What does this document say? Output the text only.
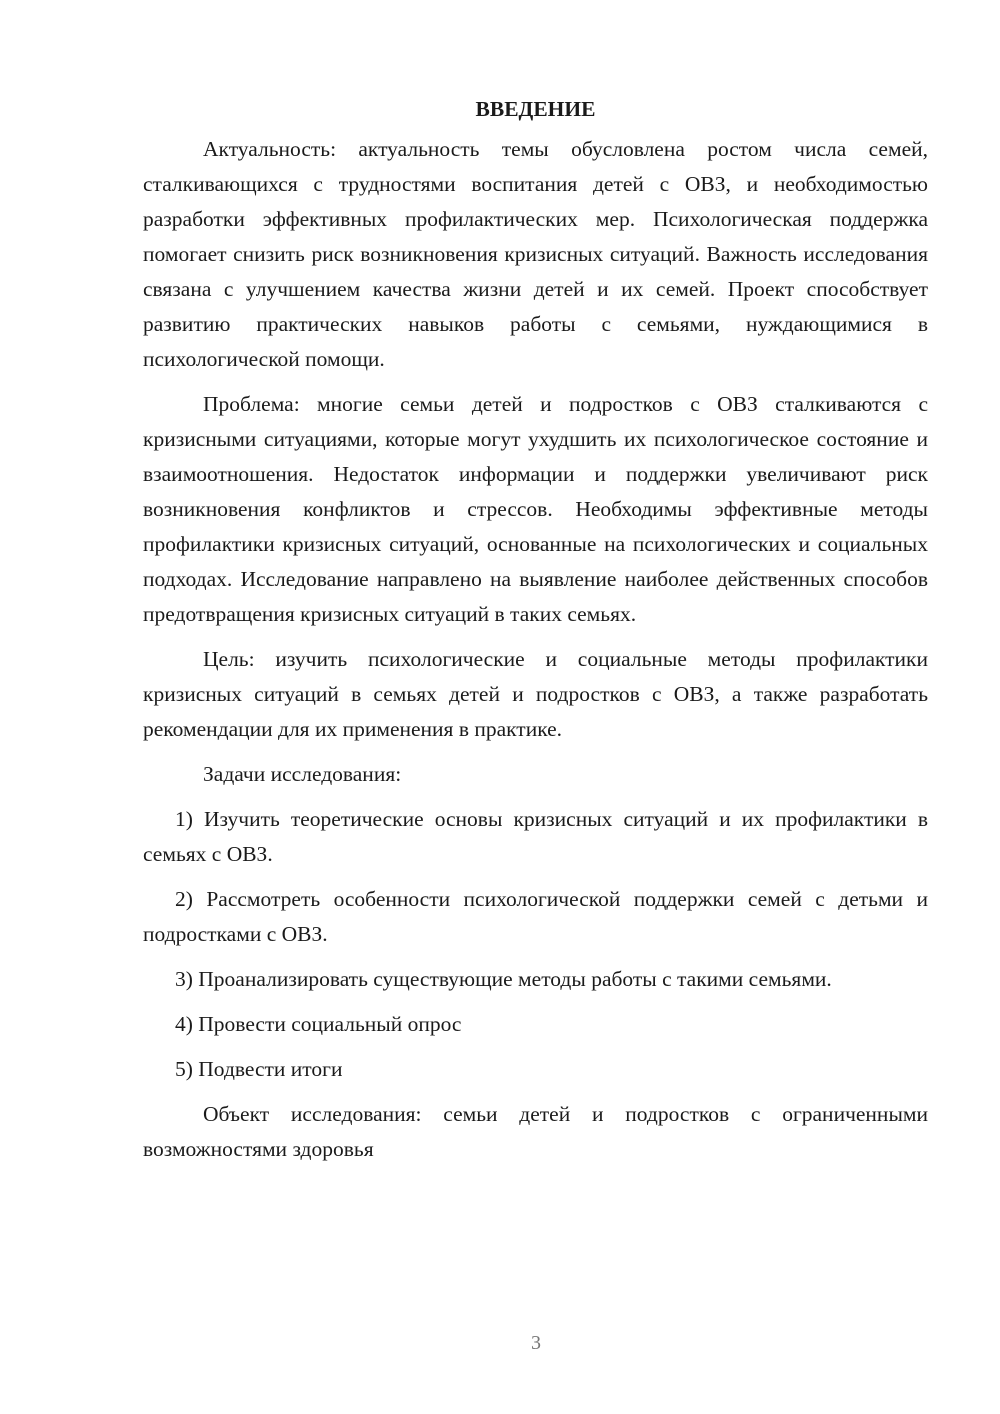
ВВЕДЕНИЕ

Актуальность: актуальность темы обусловлена ростом числа семей, сталкивающихся с трудностями воспитания детей с ОВЗ, и необходимостью разработки эффективных профилактических мер. Психологическая поддержка помогает снизить риск возникновения кризисных ситуаций. Важность исследования связана с улучшением качества жизни детей и их семей. Проект способствует развитию практических навыков работы с семьями, нуждающимися в психологической помощи.

Проблема: многие семьи детей и подростков с ОВЗ сталкиваются с кризисными ситуациями, которые могут ухудшить их психологическое состояние и взаимоотношения. Недостаток информации и поддержки увеличивают риск возникновения конфликтов и стрессов. Необходимы эффективные методы профилактики кризисных ситуаций, основанные на психологических и социальных подходах. Исследование направлено на выявление наиболее действенных способов предотвращения кризисных ситуаций в таких семьях.

Цель: изучить психологические и социальные методы профилактики кризисных ситуаций в семьях детей и подростков с ОВЗ, а также разработать рекомендации для их применения в практике.

Задачи исследования:

1) Изучить теоретические основы кризисных ситуаций и их профилактики в семьях с ОВЗ.

2) Рассмотреть особенности психологической поддержки семей с детьми и подростками с ОВЗ.

3) Проанализировать существующие методы работы с такими семьями.

4) Провести социальный опрос

5) Подвести итоги

Объект исследования: семьи детей и подростков с ограниченными возможностями здоровья

3
